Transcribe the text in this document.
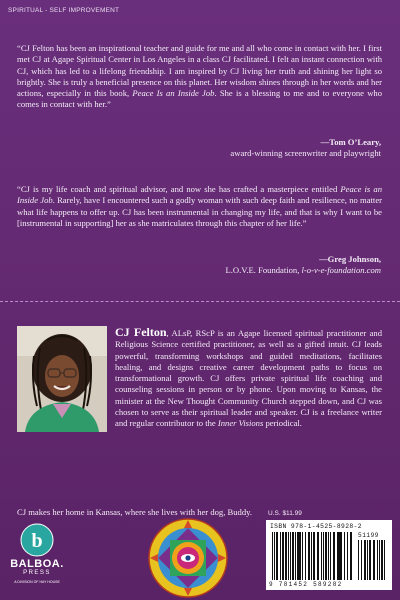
SPIRITUAL - SELF IMPROVEMENT

“CJ Felton has been an inspirational teacher and guide for me and all who come in contact with her. I first met CJ at Agape Spiritual Center in Los Angeles in a class CJ facilitated. I felt an instant connection with CJ, which has led to a lifelong friendship. I am inspired by CJ living her truth and shining her light so brightly. She is truly a beneficial presence on this planet. Her wisdom shines through in her words and her actions, especially in this book, Peace Is an Inside Job. She is a blessing to me and to everyone who comes in contact with her.”

—Tom O’Leary,
award-winning screenwriter and playwright

“CJ is my life coach and spiritual advisor, and now she has crafted a masterpiece entitled Peace is an Inside Job. Rarely, have I encountered such a godly woman with such deep faith and resilience, no matter what life happens to offer up. CJ has been instrumental in changing my life, and that is why I want to be [instrumental in supporting] her as she matriculates through this chapter of her life.”

—Greg Johnson,
L.O.V.E. Foundation, l-o-v-e-foundation.com
CJ Felton, ALsP, RScP is an Agape licensed spiritual practitioner and Religious Science certified practitioner, as well as a gifted intuit. CJ leads powerful, transforming workshops and guided meditations, facilitates healing, and designs creative career development paths to focus on transformational growth. CJ offers private spiritual life coaching and counseling sessions in person or by phone. Upon moving to Kansas, the minister at the New Thought Community Church stepped down, and CJ was chosen to serve as their spiritual leader and speaker. CJ is a freelance writer and regular contributor to the Inner Visions periodical.
CJ makes her home in Kansas, where she lives with her dog, Buddy.
b
BALBOA.
PRESS
A DIVISION OF HAY HOUSE
U.S. $11.99
ISBN 978-1-4525-8928-2
51199
9 781452 589282
